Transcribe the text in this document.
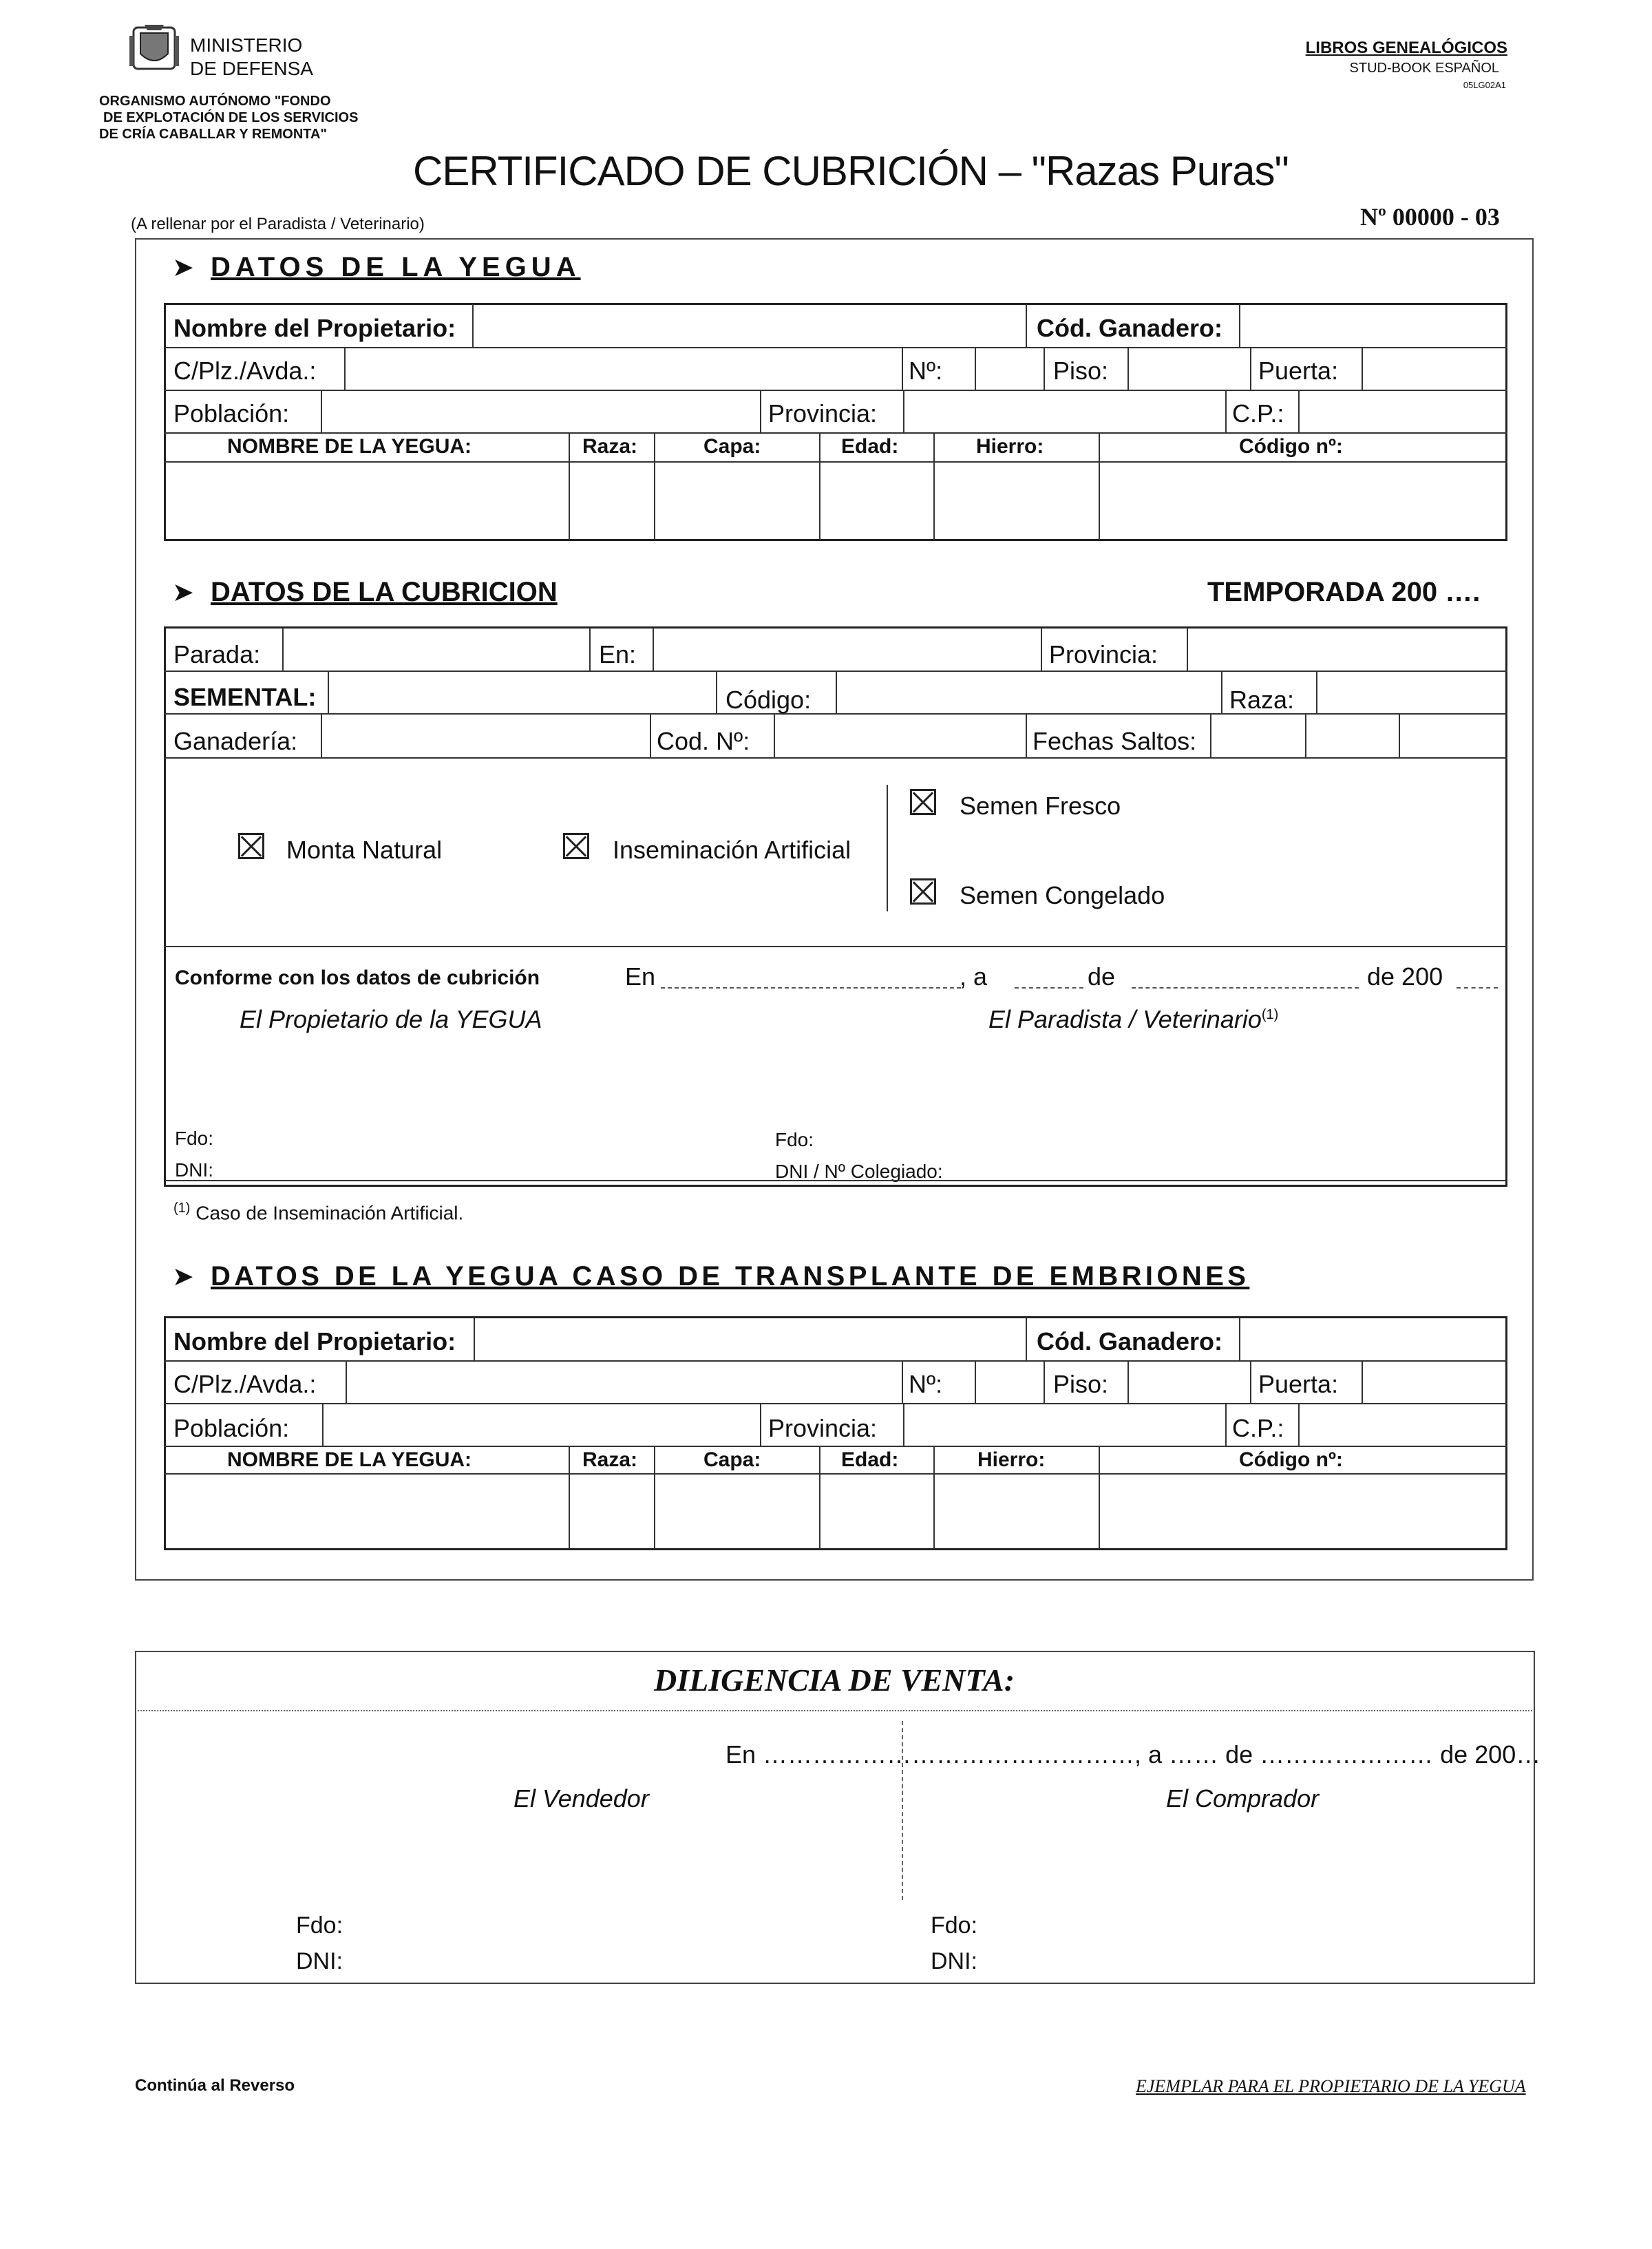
MINISTERIO
DE DEFENSA
ORGANISMO AUTÓNOMO "FONDO
DE EXPLOTACIÓN DE LOS SERVICIOS
DE CRÍA CABALLAR Y REMONTA"
LIBROS GENEALÓGICOS
STUD-BOOK ESPAÑOL
05LG02A1
CERTIFICADO DE CUBRICIÓN – "Razas Puras"
(A rellenar por el Paradista / Veterinario)	Nº 00000 - 03
➤ DATOS DE LA YEGUA
Nombre del Propietario:	Cód. Ganadero:
C/Plz./Avda.:	Nº:	Piso:	Puerta:
Población:	Provincia:	C.P.:
NOMBRE DE LA YEGUA:	Raza:	Capa:	Edad:	Hierro:	Código nº:
➤ DATOS DE LA CUBRICION	TEMPORADA 200 ….
Parada:	En:	Provincia:
SEMENTAL:	Código:	Raza:
Ganadería:	Cod. Nº:	Fechas Saltos:
Monta Natural	Inseminación Artificial
Semen Fresco
Semen Congelado
Conforme con los datos de cubrición	En	, a	de	de 200
El Propietario de la YEGUA	El Paradista / Veterinario$^{(1)}$
Fdo:
DNI:
Fdo:
DNI / Nº Colegiado:
$^{(1)}$ Caso de Inseminación Artificial.
➤ DATOS DE LA YEGUA CASO DE TRANSPLANTE DE EMBRIONES
Nombre del Propietario:	Cód. Ganadero:
C/Plz./Avda.:	Nº:	Piso:	Puerta:
Población:	Provincia:	C.P.:
NOMBRE DE LA YEGUA:	Raza:	Capa:	Edad:	Hierro:	Código nº:
DILIGENCIA DE VENTA:
En ………………………………………, a …… de ………………… de 200…
El Vendedor	El Comprador
Fdo:
DNI:
Fdo:
DNI:
Continúa al Reverso	EJEMPLAR PARA EL PROPIETARIO DE LA YEGUA
